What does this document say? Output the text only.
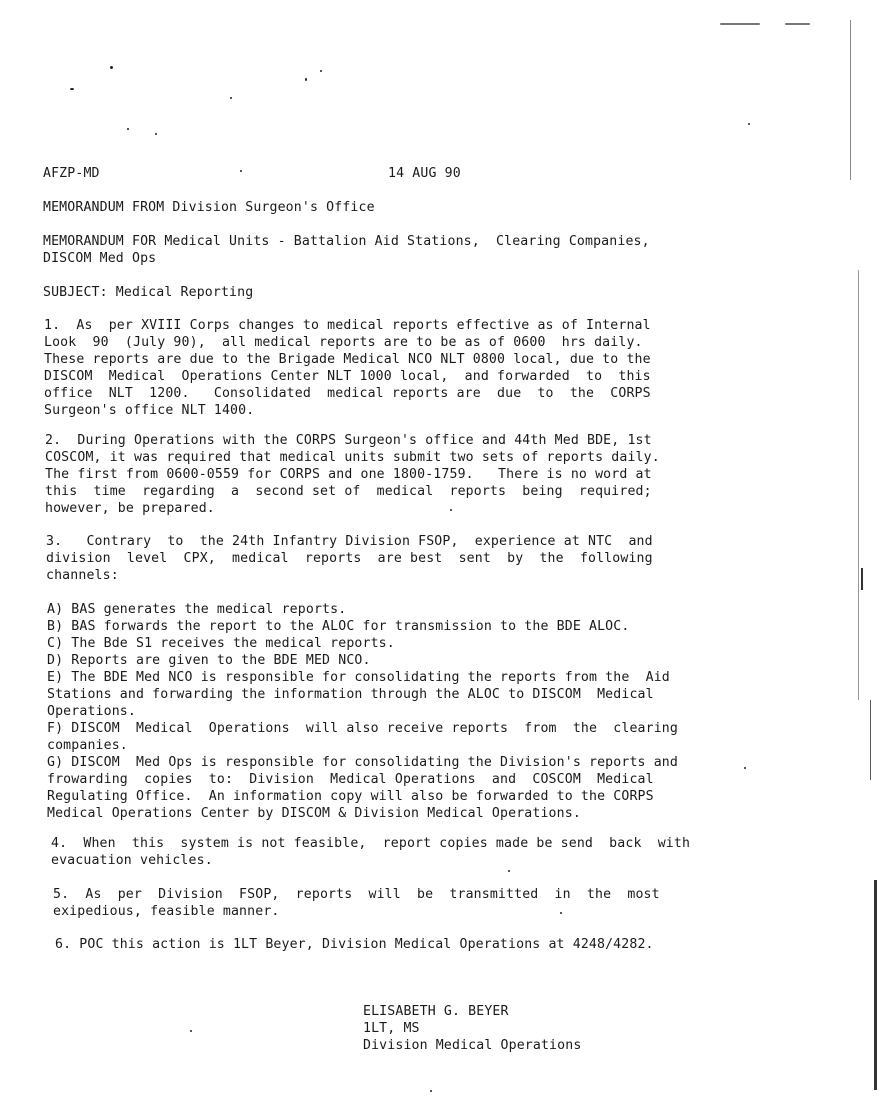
AFZP-MD	14 AUG 90
MEMORANDUM FROM Division Surgeon's Office
MEMORANDUM FOR Medical Units - Battalion Aid Stations,  Clearing Companies,
DISCOM Med Ops
SUBJECT: Medical Reporting
1.  As  per XVIII Corps changes to medical reports effective as of Internal
Look  90  (July 90),  all medical reports are to be as of 0600  hrs daily.
These reports are due to the Brigade Medical NCO NLT 0800 local, due to the
DISCOM  Medical  Operations Center NLT 1000 local,  and forwarded  to  this
office  NLT  1200.   Consolidated  medical reports are  due  to  the  CORPS
Surgeon's office NLT 1400.
2.  During Operations with the CORPS Surgeon's office and 44th Med BDE, 1st
COSCOM, it was required that medical units submit two sets of reports daily.
The first from 0600-0559 for CORPS and one 1800-1759.   There is no word at
this  time  regarding  a  second set of  medical  reports  being  required;
however, be prepared.
3.   Contrary  to  the 24th Infantry Division FSOP,  experience at NTC  and
division  level  CPX,  medical  reports  are best  sent  by  the  following
channels:
A) BAS generates the medical reports.
B) BAS forwards the report to the ALOC for transmission to the BDE ALOC.
C) The Bde S1 receives the medical reports.
D) Reports are given to the BDE MED NCO.
E) The BDE Med NCO is responsible for consolidating the reports from the  Aid
Stations and forwarding the information through the ALOC to DISCOM  Medical
Operations.
F) DISCOM  Medical  Operations  will also receive reports  from  the  clearing
companies.
G) DISCOM  Med Ops is responsible for consolidating the Division's reports and
frowarding  copies  to:  Division  Medical Operations  and  COSCOM  Medical
Regulating Office.  An information copy will also be forwarded to the CORPS
Medical Operations Center by DISCOM & Division Medical Operations.
4.  When  this  system is not feasible,  report copies made be send  back  with
evacuation vehicles.
5.  As  per  Division  FSOP,  reports  will  be  transmitted  in  the  most
exipedious, feasible manner.
6. POC this action is 1LT Beyer, Division Medical Operations at 4248/4282.
ELISABETH G. BEYER
1LT, MS
Division Medical Operations
